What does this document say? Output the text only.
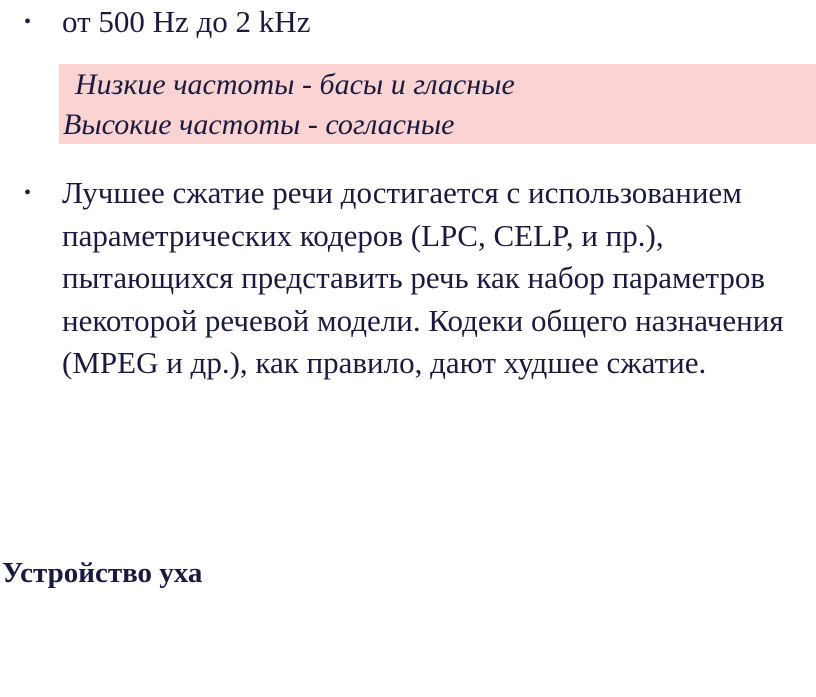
• от 500 Hz до 2 kHz
Низкие частоты - басы и гласные
Высокие частоты - согласные
• Лучшее сжатие речи достигается с использованием параметрических кодеров (LPC, CELP, и пр.), пытающихся представить речь как набор параметров некоторой речевой модели. Кодеки общего назначения (MPEG и др.), как правило, дают худшее сжатие.
Устройство уха
